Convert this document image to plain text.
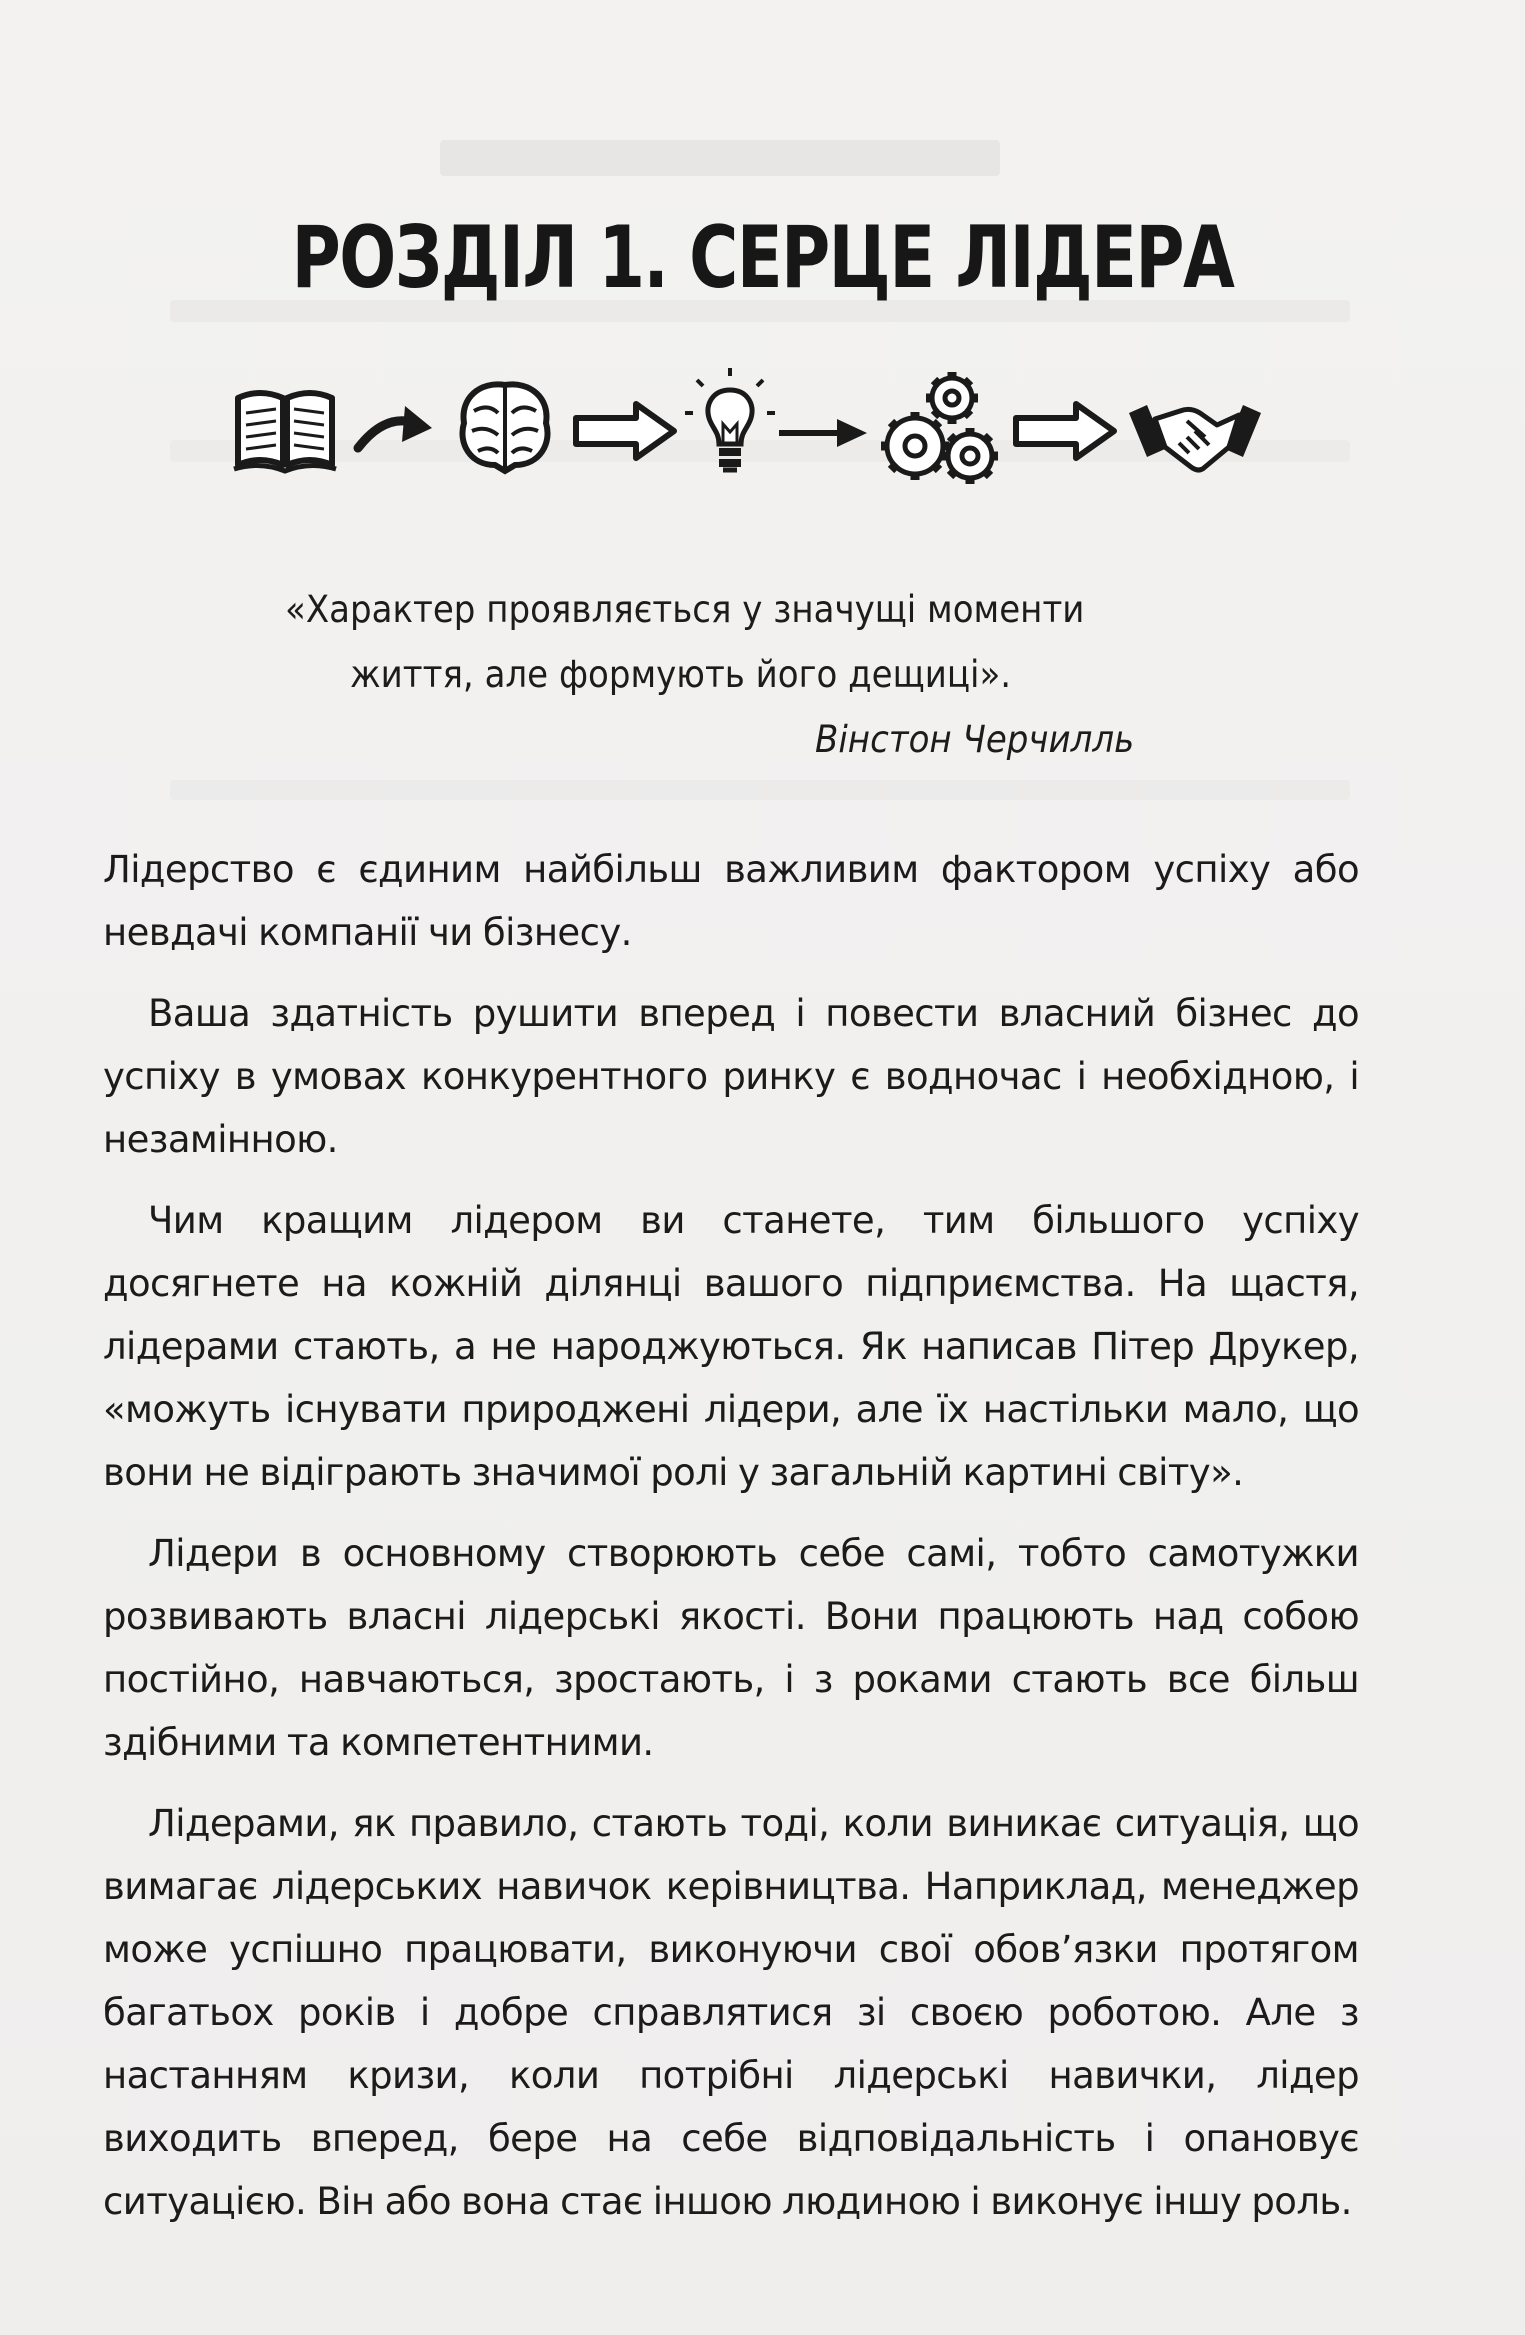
РОЗДІЛ 1. СЕРЦЕ ЛІДЕРА
«Характер проявляється у значущі моменти
життя, але формують його дещиці».
Вінстон Черчилль

Лідерство є єдиним найбільш важливим фактором успіху або невдачі компанії чи бізнесу.

Ваша здатність рушити вперед і повести власний бізнес до успіху в умовах конкурентного ринку є водночас і необхідною, і незамінною.

Чим кращим лідером ви станете, тим більшого успіху досягнете на кожній ділянці вашого підприємства. На щастя, лідерами стають, а не народжуються. Як написав Пітер Друкер, «можуть існувати природжені лідери, але їх настільки мало, що вони не відіграють значимої ролі у загальній картині світу».

Лідери в основному створюють себе самі, тобто самотужки розвивають власні лідерські якості. Вони працюють над собою постійно, навчаються, зростають, і з роками стають все більш здібними та компетентними.

Лідерами, як правило, стають тоді, коли виникає ситуація, що вимагає лідерських навичок керівництва. Наприклад, менеджер може успішно працювати, виконуючи свої обов’язки протягом багатьох років і добре справлятися зі своєю роботою. Але з настанням кризи, коли потрібні лідерські навички, лідер виходить вперед, бере на себе відповідальність і опановує ситуацією. Він або вона стає іншою людиною і виконує іншу роль.
